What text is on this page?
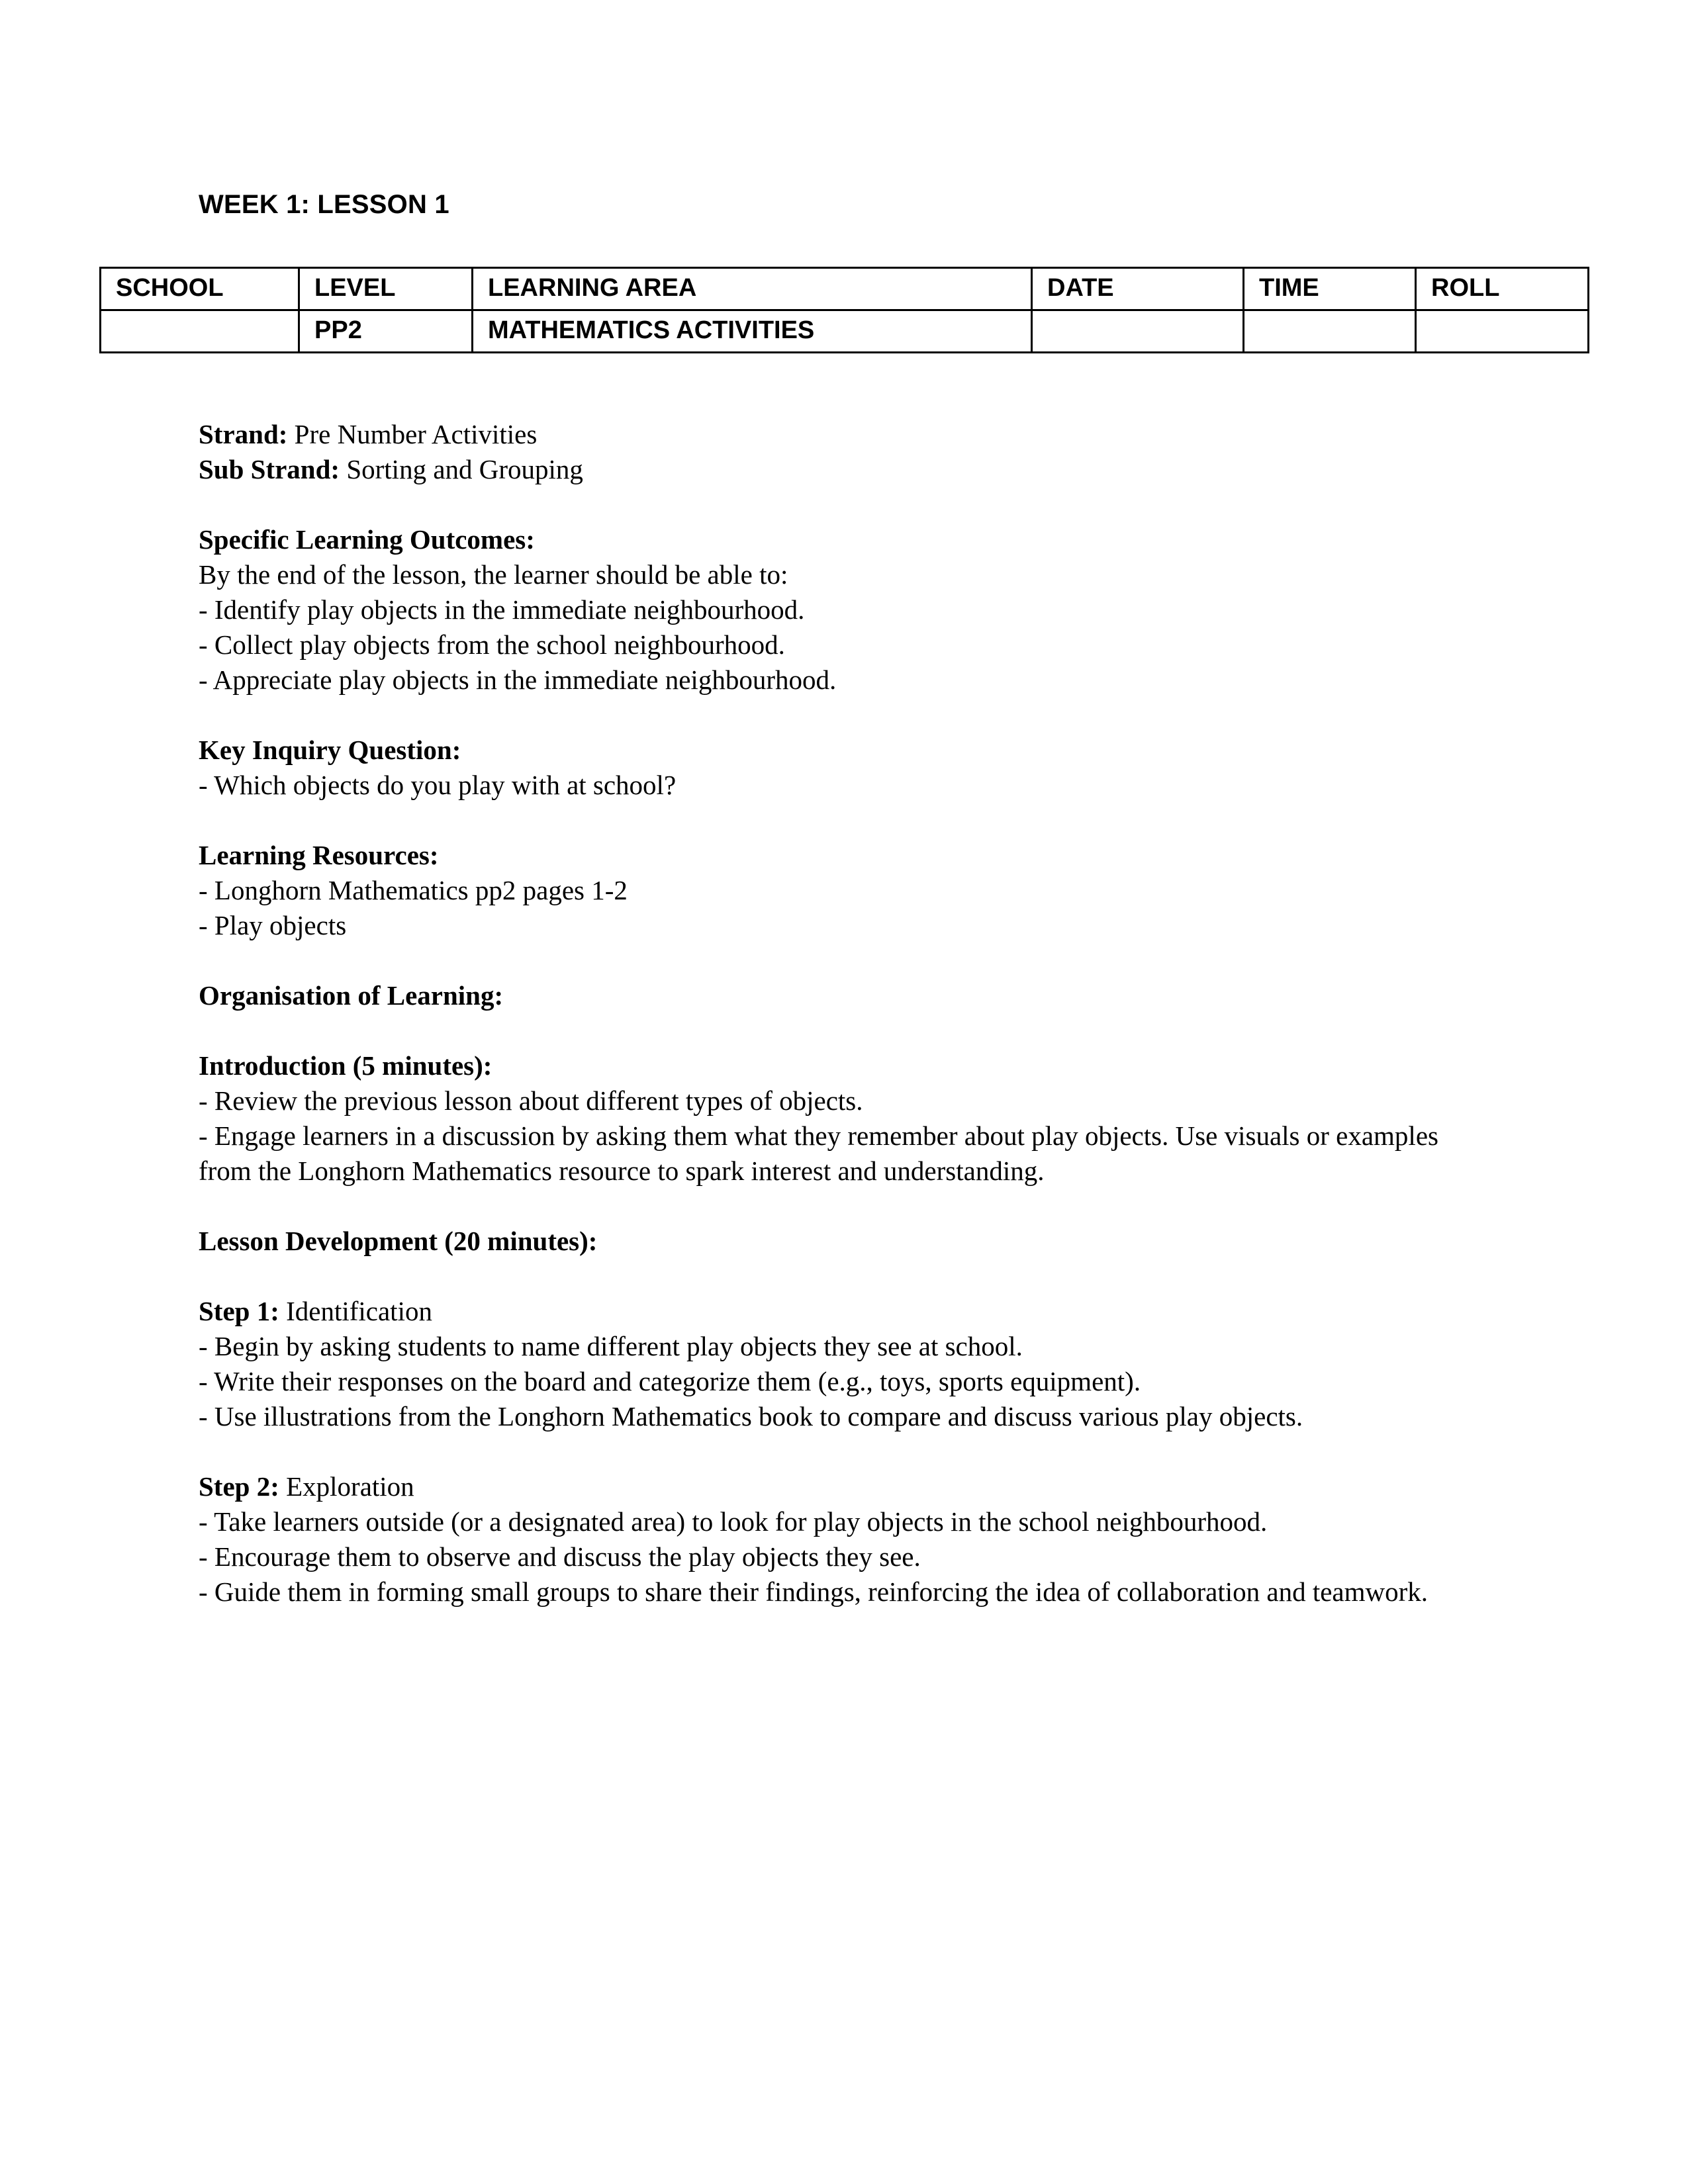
WEEK 1: LESSON 1
SCHOOL	LEVEL	LEARNING AREA	DATE	TIME	ROLL
	PP2	MATHEMATICS ACTIVITIES			

Strand: Pre Number Activities

Sub Strand: Sorting and Grouping

Specific Learning Outcomes:

By the end of the lesson, the learner should be able to:

- Identify play objects in the immediate neighbourhood.

- Collect play objects from the school neighbourhood.

- Appreciate play objects in the immediate neighbourhood.

Key Inquiry Question:

- Which objects do you play with at school?

Learning Resources:

- Longhorn Mathematics pp2 pages 1-2

- Play objects

Organisation of Learning:

Introduction (5 minutes):

- Review the previous lesson about different types of objects.

- Engage learners in a discussion by asking them what they remember about play objects. Use visuals or examples from the Longhorn Mathematics resource to spark interest and understanding.

Lesson Development (20 minutes):

Step 1: Identification

- Begin by asking students to name different play objects they see at school.

- Write their responses on the board and categorize them (e.g., toys, sports equipment).

- Use illustrations from the Longhorn Mathematics book to compare and discuss various play objects.

Step 2: Exploration

- Take learners outside (or a designated area) to look for play objects in the school neighbourhood.

- Encourage them to observe and discuss the play objects they see.

- Guide them in forming small groups to share their findings, reinforcing the idea of collaboration and teamwork.
